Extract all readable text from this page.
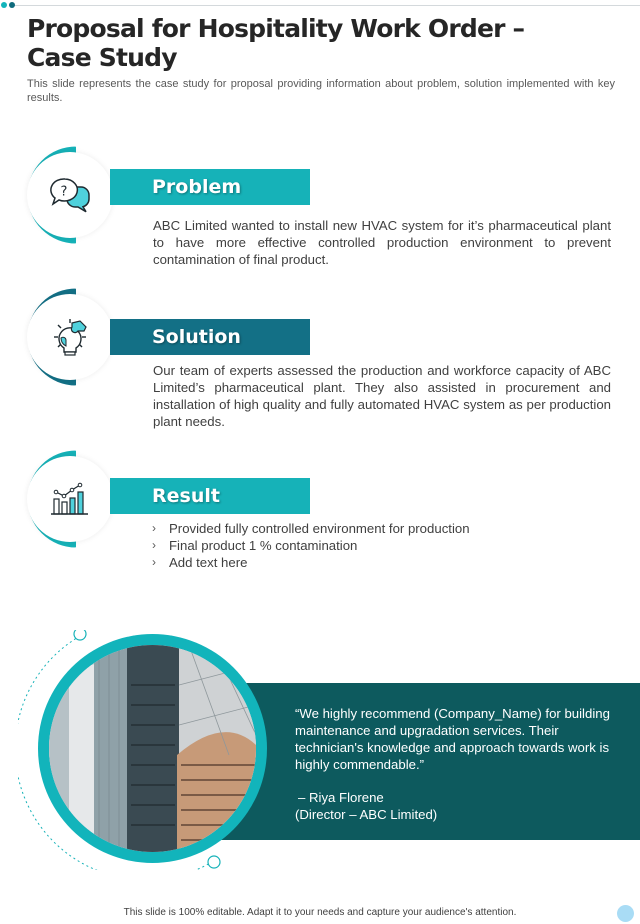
Proposal for Hospitality Work Order –
Case Study
This slide represents the case study for proposal providing information about problem, solution implemented with key results.
?	Problem
ABC Limited wanted to install new HVAC system for it’s pharmaceutical plant to have more effective controlled production environment to prevent contamination of final product.
Solution
Our team of experts assessed the production and workforce capacity of ABC Limited’s pharmaceutical plant. They also assisted in procurement and installation of high quality and fully automated HVAC system as per production plant needs.
Result
› Provided fully controlled environment for production
› Final product 1 % contamination
› Add text here
“We highly recommend (Company_Name) for building maintenance and upgradation services. Their technician's knowledge and approach towards work is highly commendable.”
– Riya Florene
(Director – ABC Limited)
This slide is 100% editable. Adapt it to your needs and capture your audience's attention.
